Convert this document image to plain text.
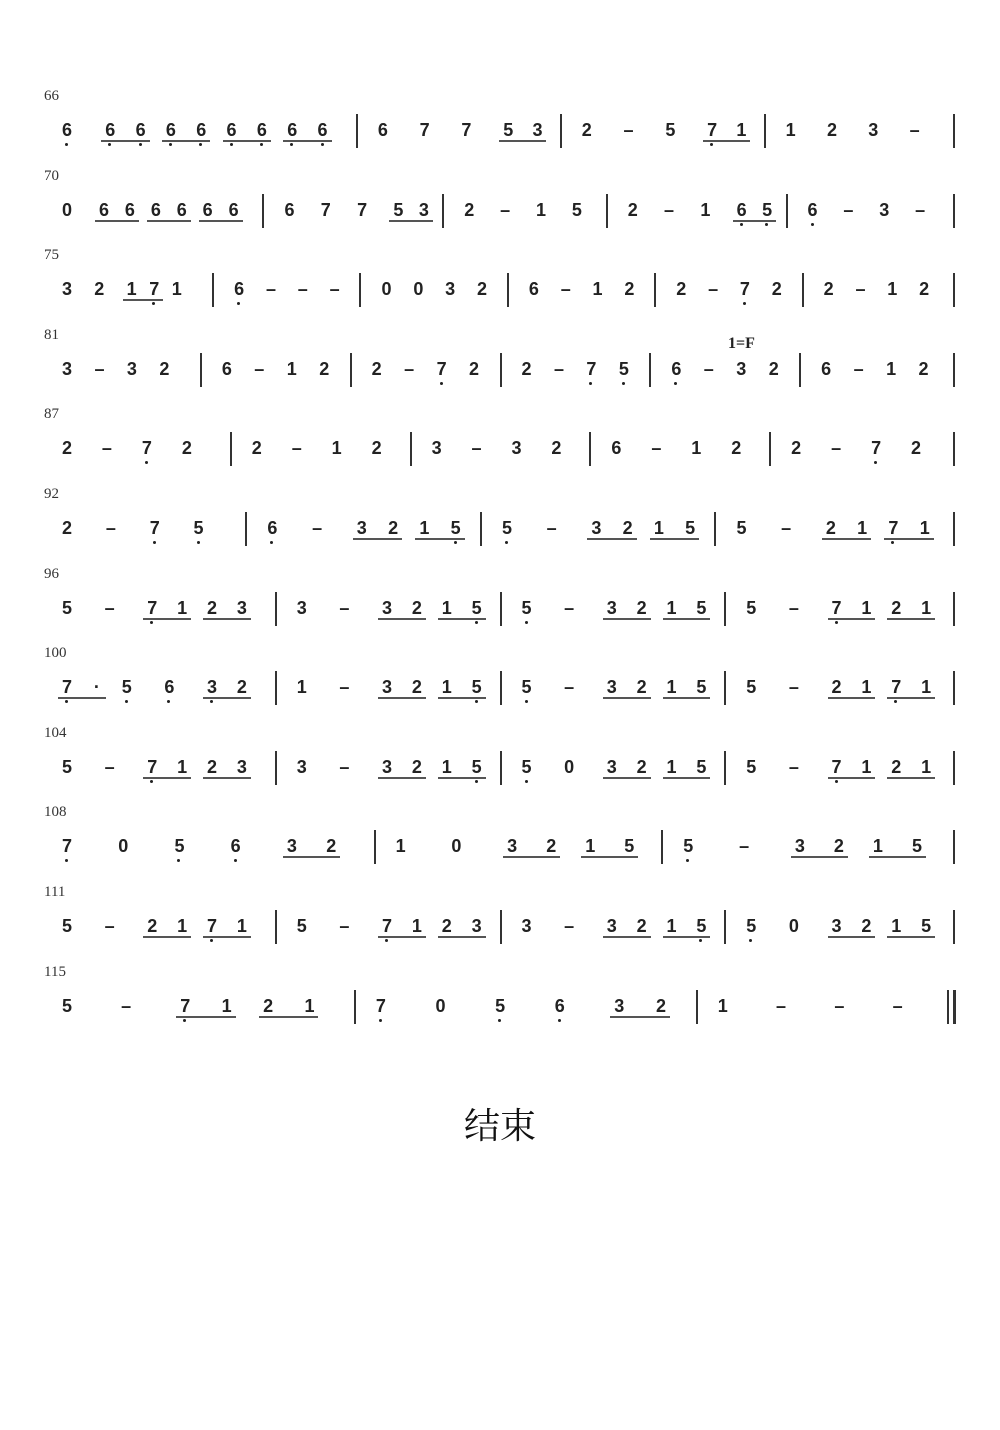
66
6	6	6	6	6	6	6	6	6	6	7	7	5	3	2	–	5	7	1	1	2	3	–
70
0	6 6 6 6 6 6	6	7	7	5 3	2	–	1	5	2	–	1	6 5	6	–	3	–
75
3	2	1 7 1	6	–	–	–	0	0	3	2	6	–	1	2	2	–	7	2	2	–	1	2
81
3	–	3	2	6	–	1	2	2	–	7	2	2	–	7	5	6	–	3	2	6	–	1	2
1=F
87
2	–	7	2	2	–	1	2	3	–	3	2	6	–	1	2	2	–	7	2
92
2	–	7	5	6	–	3	2	1	5	5	–	3	2	1	5	5	–	2	1	7	1
96
5	–	7	1	2	3	3	–	3	2	1	5	5	–	3	2	1	5	5	–	7	1	2	1
100
7	·	5	6	3	2	1	–	3	2	1	5	5	–	3	2	1	5	5	–	2	1	7	1
104
5	–	7	1	2	3	3	–	3	2	1	5	5	0	3	2	1	5	5	–	7	1	2	1
108
7	0	5	6	3	2	1	0	3	2	1	5	5	–	3	2	1	5
111
5	–	2	1	7	1	5	–	7	1	2	3	3	–	3	2	1	5	5	0	3	2	1	5
115
5	–	7	1	2	1	7	0	5	6	3	2	1	–	–	–
结束
